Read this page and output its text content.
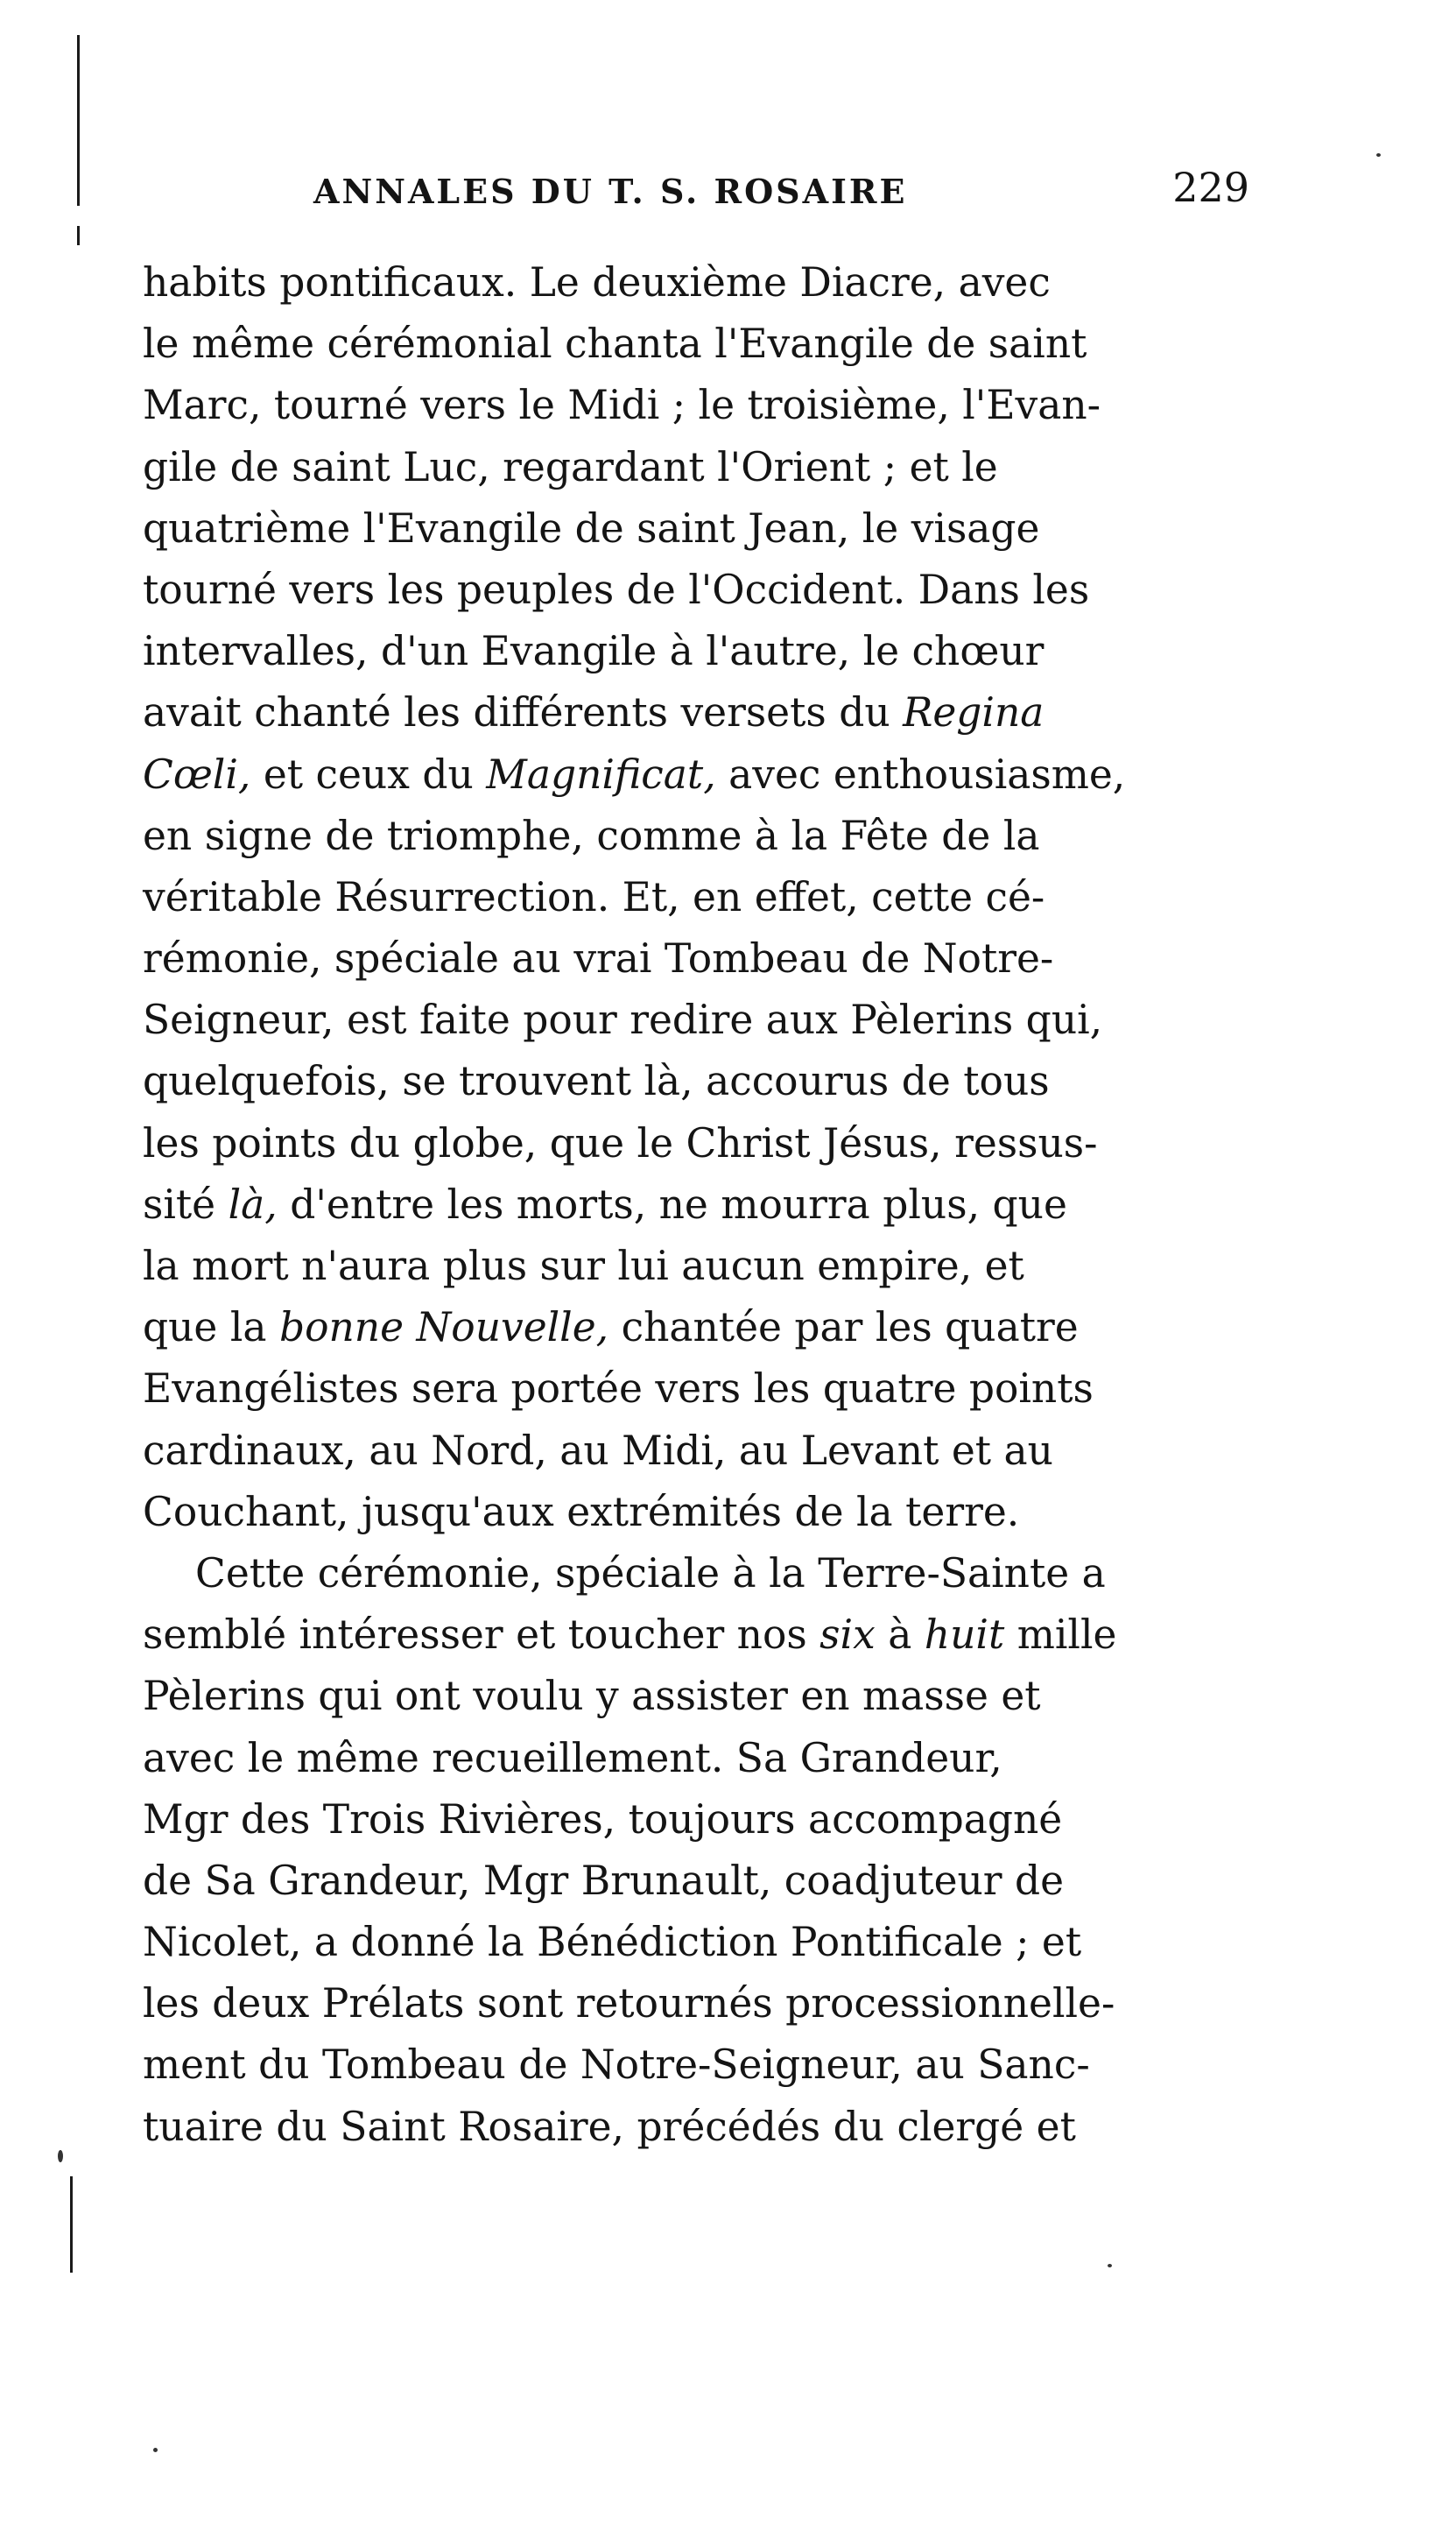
ANNALES DU T. S. ROSAIRE	229
habits pontificaux. Le deuxième Diacre, avec
le même cérémonial chanta l'Evangile de saint
Marc, tourné vers le Midi ; le troisième, l'Evan-
gile de saint Luc, regardant l'Orient ; et le
quatrième l'Evangile de saint Jean, le visage
tourné vers les peuples de l'Occident. Dans les
intervalles, d'un Evangile à l'autre, le chœur
avait chanté les différents versets du Regina
Cœli, et ceux du Magnificat, avec enthousiasme,
en signe de triomphe, comme à la Fête de la
véritable Résurrection. Et, en effet, cette cé-
rémonie, spéciale au vrai Tombeau de Notre-
Seigneur, est faite pour redire aux Pèlerins qui,
quelquefois, se trouvent là, accourus de tous
les points du globe, que le Christ Jésus, ressus-
sité là, d'entre les morts, ne mourra plus, que
la mort n'aura plus sur lui aucun empire, et
que la bonne Nouvelle, chantée par les quatre
Evangélistes sera portée vers les quatre points
cardinaux, au Nord, au Midi, au Levant et au
Couchant, jusqu'aux extrémités de la terre.
Cette cérémonie, spéciale à la Terre-Sainte a
semblé intéresser et toucher nos six à huit mille
Pèlerins qui ont voulu y assister en masse et
avec le même recueillement. Sa Grandeur,
Mgr des Trois Rivières, toujours accompagné
de Sa Grandeur, Mgr Brunault, coadjuteur de
Nicolet, a donné la Bénédiction Pontificale ; et
les deux Prélats sont retournés processionnelle-
ment du Tombeau de Notre-Seigneur, au Sanc-
tuaire du Saint Rosaire, précédés du clergé et
